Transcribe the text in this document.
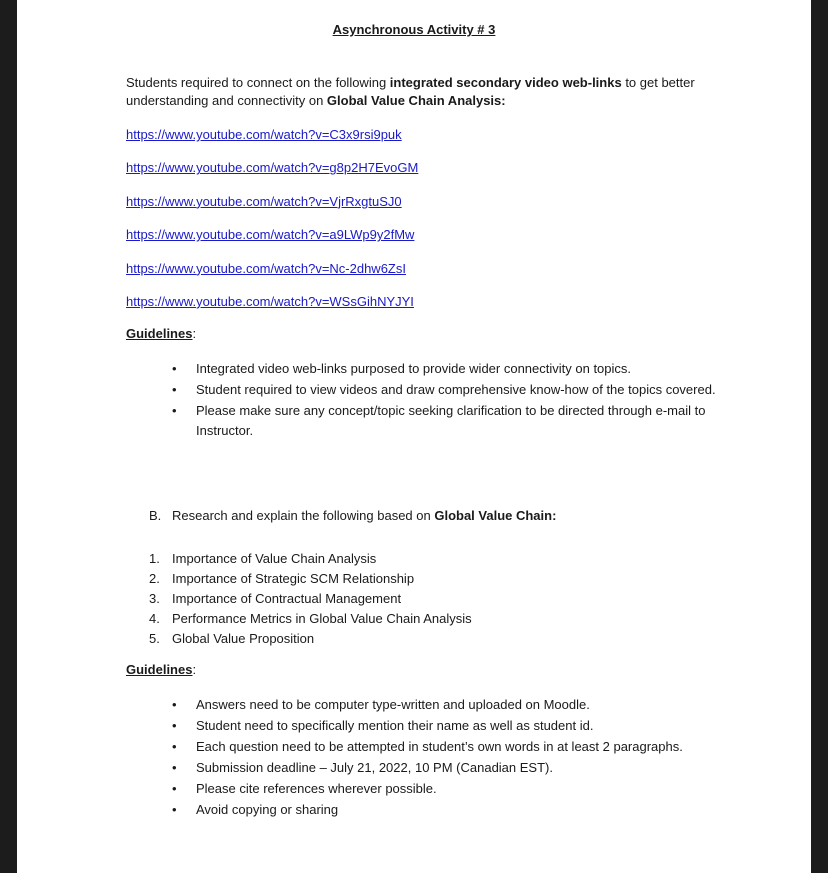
Asynchronous Activity # 3
Students required to connect on the following integrated secondary video web-links to get better understanding and connectivity on Global Value Chain Analysis:
https://www.youtube.com/watch?v=C3x9rsi9puk
https://www.youtube.com/watch?v=g8p2H7EvoGM
https://www.youtube.com/watch?v=VjrRxgtuSJ0
https://www.youtube.com/watch?v=a9LWp9y2fMw
https://www.youtube.com/watch?v=Nc-2dhw6ZsI
https://www.youtube.com/watch?v=WSsGihNYJYI
Guidelines:
• Integrated video web-links purposed to provide wider connectivity on topics.
• Student required to view videos and draw comprehensive know-how of the topics covered.
• Please make sure any concept/topic seeking clarification to be directed through e-mail to Instructor.
B. Research and explain the following based on Global Value Chain:
1. Importance of Value Chain Analysis
2. Importance of Strategic SCM Relationship
3. Importance of Contractual Management
4. Performance Metrics in Global Value Chain Analysis
5. Global Value Proposition
Guidelines:
• Answers need to be computer type-written and uploaded on Moodle.
• Student need to specifically mention their name as well as student id.
• Each question need to be attempted in student’s own words in at least 2 paragraphs.
• Submission deadline – July 21, 2022, 10 PM (Canadian EST).
• Please cite references wherever possible.
• Avoid copying or sharing
